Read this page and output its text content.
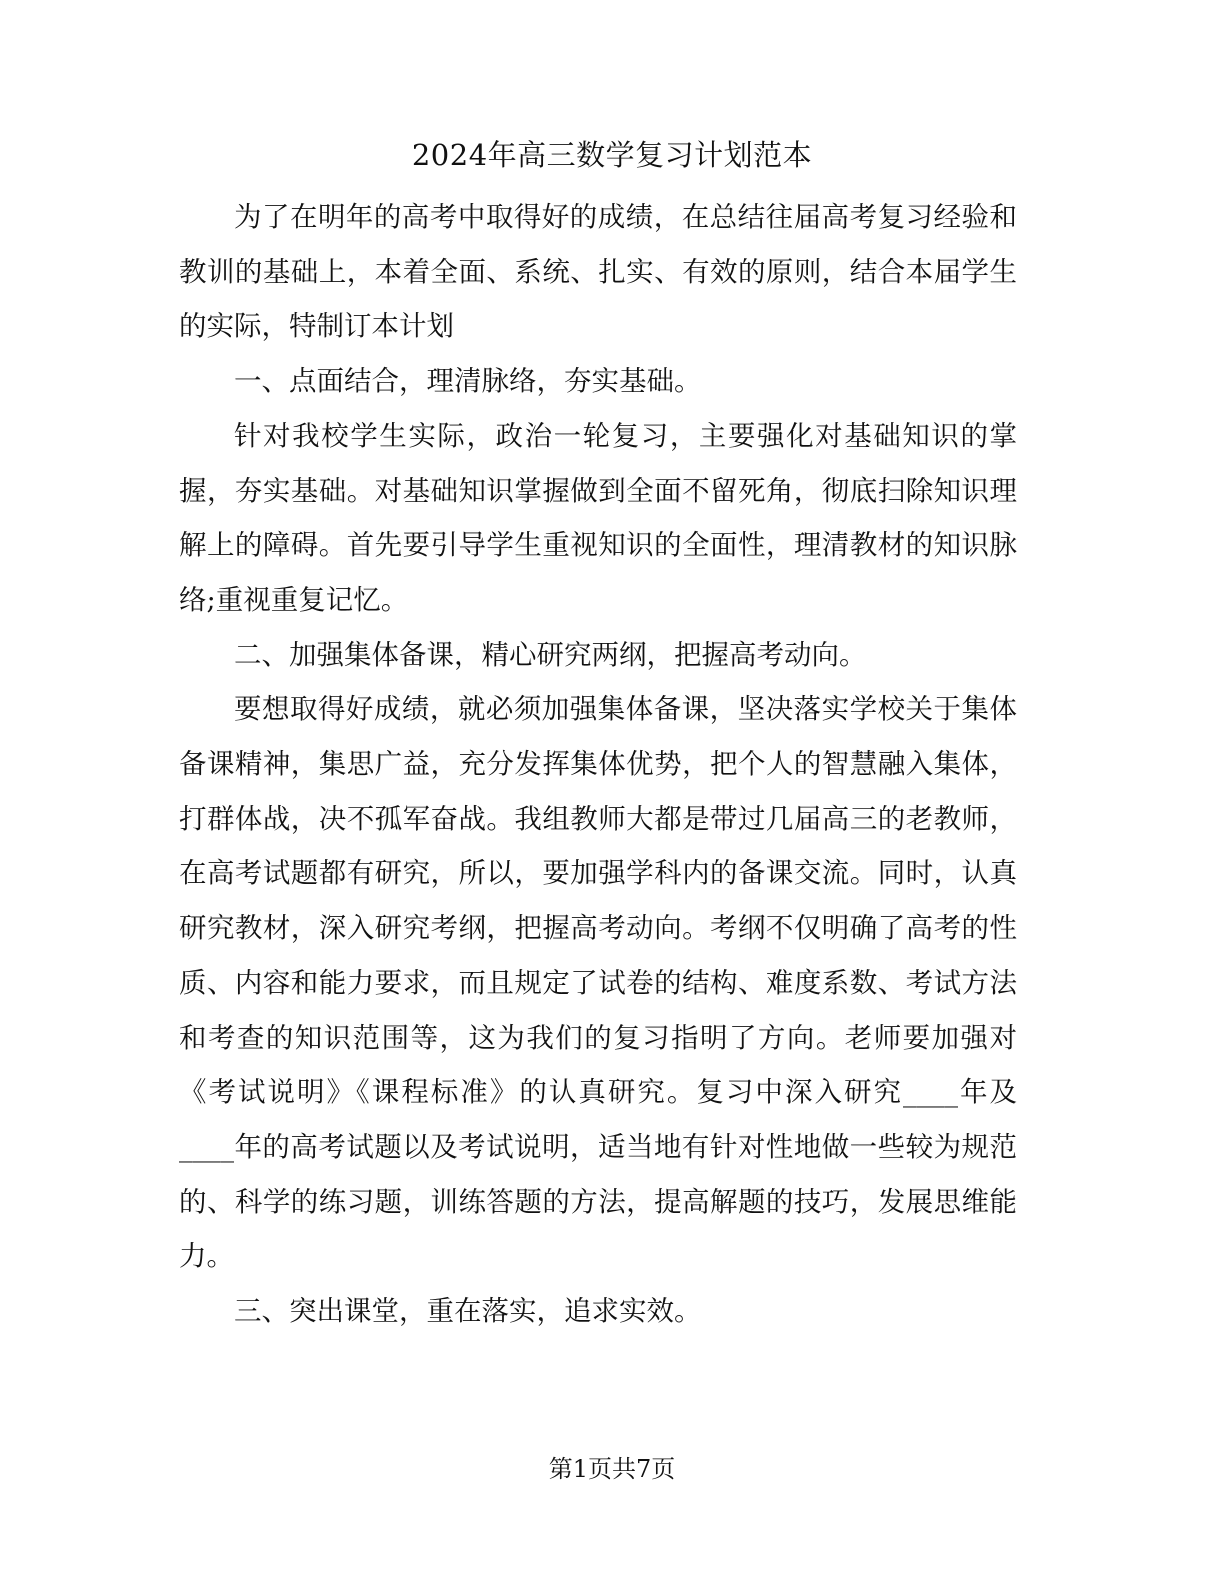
2024年高三数学复习计划范本

为了在明年的高考中取得好的成绩，在总结往届高考复习经验和教训的基础上，本着全面、系统、扎实、有效的原则，结合本届学生的实际，特制订本计划

一、点面结合，理清脉络，夯实基础。

针对我校学生实际，政治一轮复习，主要强化对基础知识的掌握，夯实基础。对基础知识掌握做到全面不留死角，彻底扫除知识理解上的障碍。首先要引导学生重视知识的全面性，理清教材的知识脉络;重视重复记忆。

二、加强集体备课，精心研究两纲，把握高考动向。

要想取得好成绩，就必须加强集体备课，坚决落实学校关于集体备课精神，集思广益，充分发挥集体优势，把个人的智慧融入集体，打群体战，决不孤军奋战。我组教师大都是带过几届高三的老教师，在高考试题都有研究，所以，要加强学科内的备课交流。同时，认真研究教材，深入研究考纲，把握高考动向。考纲不仅明确了高考的性质、内容和能力要求，而且规定了试卷的结构、难度系数、考试方法和考查的知识范围等，这为我们的复习指明了方向。老师要加强对《考试说明》《课程标准》的认真研究。复习中深入研究____年及____年的高考试题以及考试说明，适当地有针对性地做一些较为规范的、科学的练习题，训练答题的方法，提高解题的技巧，发展思维能力。

三、突出课堂，重在落实，追求实效。

第1页共7页
